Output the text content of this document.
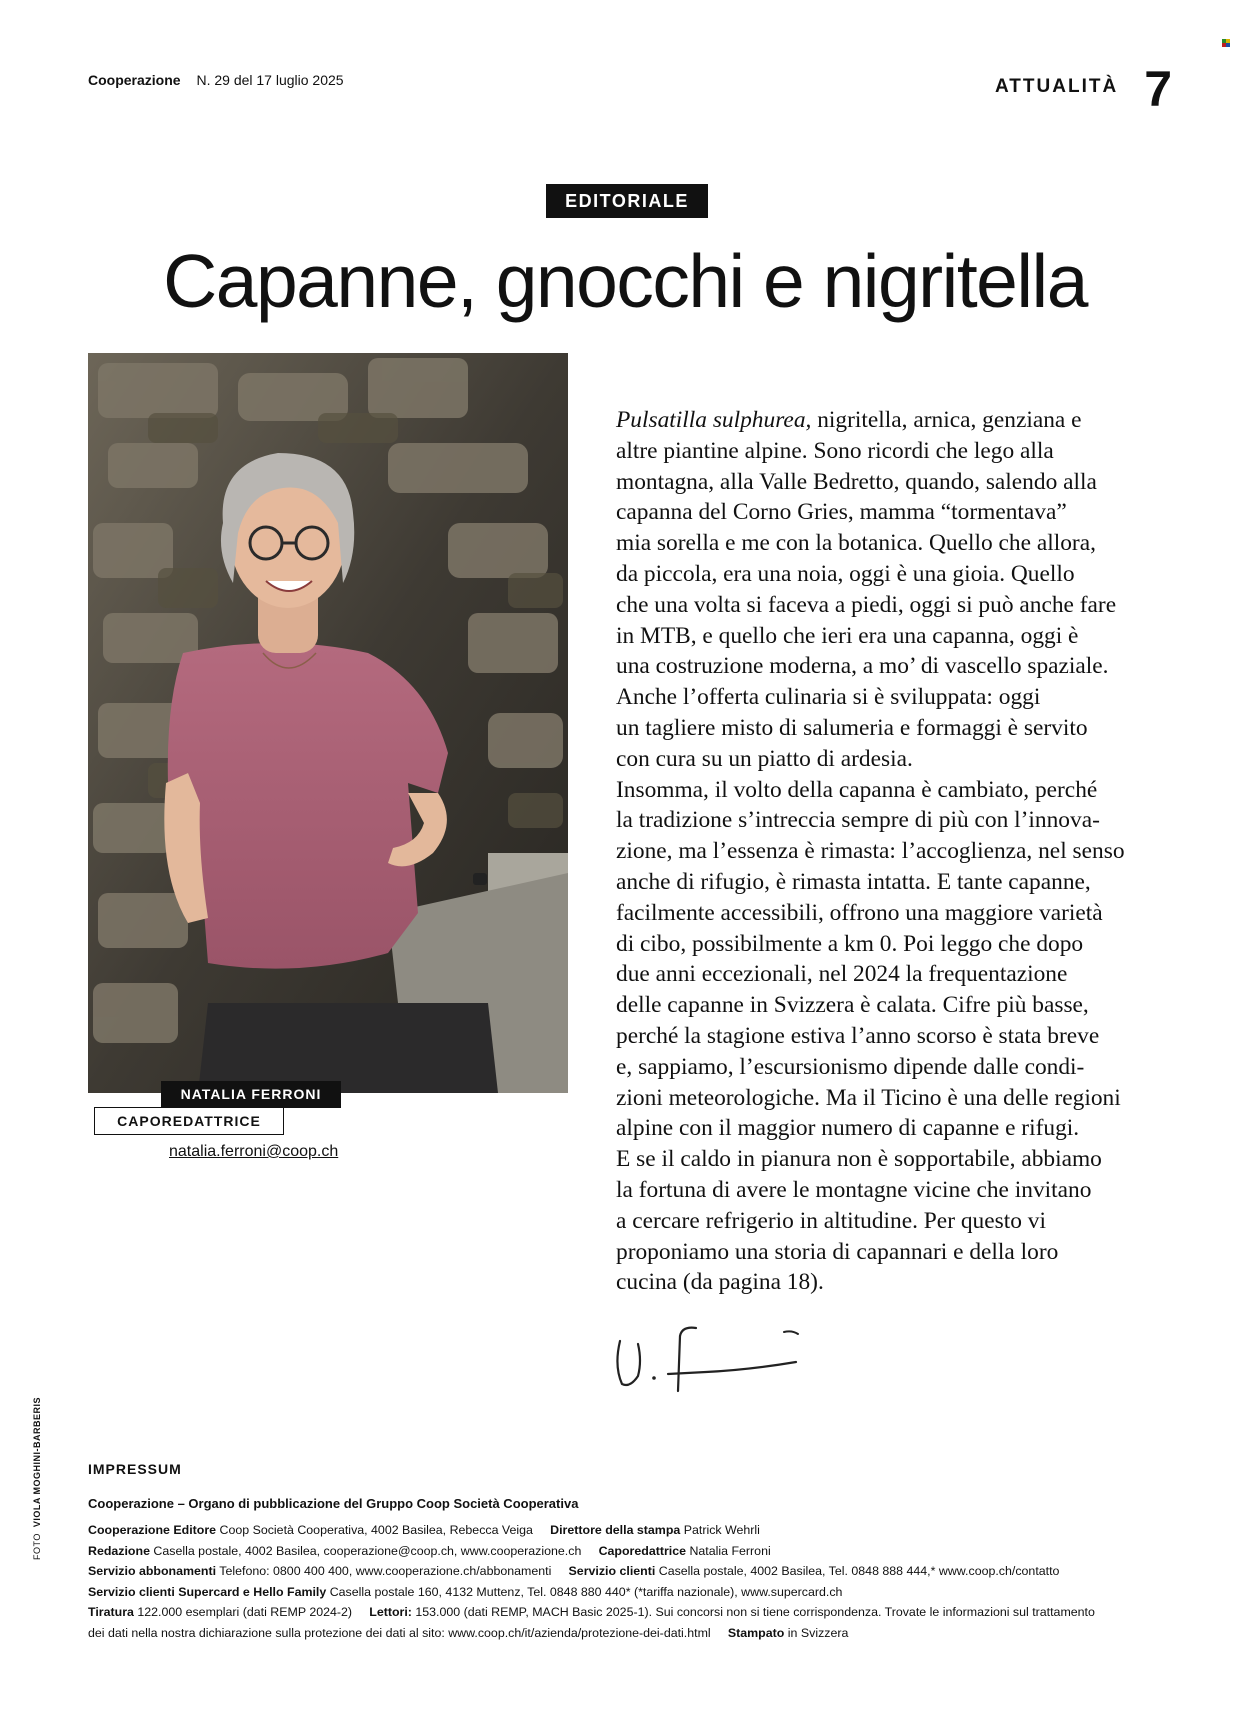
Cooperazione N. 29 del 17 luglio 2025	ATTUALITÀ 7
EDITORIALE
Capanne, gnocchi e nigritella
NATALIA FERRONI
CAPOREDATTRICE
natalia.ferroni@coop.ch

Pulsatilla sulphurea, nigritella, arnica, genziana e
altre piantine alpine. Sono ricordi che lego alla
montagna, alla Valle Bedretto, quando, salendo alla
capanna del Corno Gries, mamma “tormentava”
mia sorella e me con la botanica. Quello che allora,
da piccola, era una noia, oggi è una gioia. Quello
che una volta si faceva a piedi, oggi si può anche fare
in MTB, e quello che ieri era una capanna, oggi è
una costruzione moderna, a mo’ di vascello spaziale.
Anche l’offerta culinaria si è sviluppata: oggi
un tagliere misto di salumeria e formaggi è servito
con cura su un piatto di ardesia.
Insomma, il volto della capanna è cambiato, perché
la tradizione s’intreccia sempre di più con l’innova-
zione, ma l’essenza è rimasta: l’accoglienza, nel senso
anche di rifugio, è rimasta intatta. E tante capanne,
facilmente accessibili, offrono una maggiore varietà
di cibo, possibilmente a km 0. Poi leggo che dopo
due anni eccezionali, nel 2024 la frequentazione
delle capanne in Svizzera è calata. Cifre più basse,
perché la stagione estiva l’anno scorso è stata breve
e, sappiamo, l’escursionismo dipende dalle condi-
zioni meteorologiche. Ma il Ticino è una delle regioni
alpine con il maggior numero di capanne e rifugi.
E se il caldo in pianura non è sopportabile, abbiamo
la fortuna di avere le montagne vicine che invitano
a cercare refrigerio in altitudine. Per questo vi
proponiamo una storia di capannari e della loro
cucina (da pagina 18).

FOTO  VIOLA MOGHINI-BARBERIS	IMPRESSUM
Cooperazione – Organo di pubblicazione del Gruppo Coop Società Cooperativa
Cooperazione Editore Coop Società Cooperativa, 4002 Basilea, Rebecca Veiga Direttore della stampa Patrick Wehrli
Redazione Casella postale, 4002 Basilea, cooperazione@coop.ch, www.cooperazione.ch Caporedattrice Natalia Ferroni
Servizio abbonamenti Telefono: 0800 400 400, www.cooperazione.ch/abbonamenti Servizio clienti Casella postale, 4002 Basilea, Tel. 0848 888 444,* www.coop.ch/contatto
Servizio clienti Supercard e Hello Family Casella postale 160, 4132 Muttenz, Tel. 0848 880 440* (*tariffa nazionale), www.supercard.ch
Tiratura 122.000 esemplari (dati REMP 2024-2) Lettori: 153.000 (dati REMP, MACH Basic 2025-1). Sui concorsi non si tiene corrispondenza. Trovate le informazioni sul trattamento
dei dati nella nostra dichiarazione sulla protezione dei dati al sito: www.coop.ch/it/azienda/protezione-dei-dati.html Stampato in Svizzera
